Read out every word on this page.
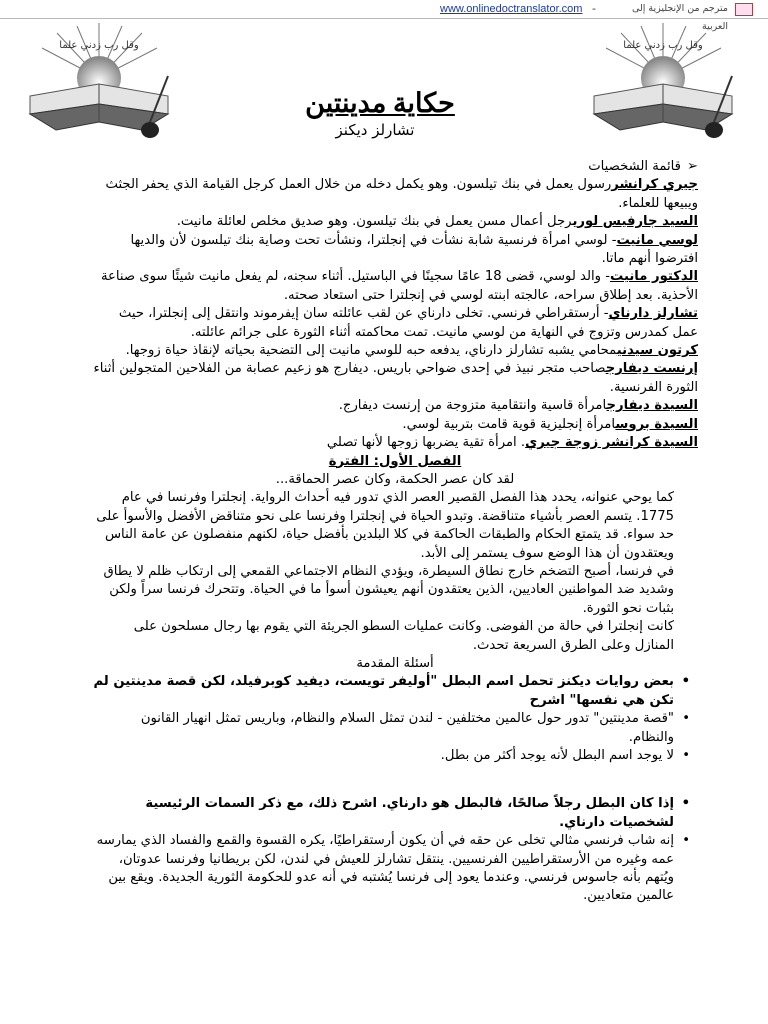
www.onlinedoctranslator.com -	مترجم من الإنجليزية إلى العربية
وقل رب زدني علما	وقل رب زدني علما
حكاية مدينتين
تشارلز ديكنز

➢
قائمة الشخصيات

جيري كرانشررسول يعمل في بنك تيلسون. وهو يكمل دخله من خلال العمل كرجل القيامة الذي يحفر الجثث ويبيعها للعلماء.

السيد جارفيس لوريرجل أعمال مسن يعمل في بنك تيلسون. وهو صديق مخلص لعائلة مانيت.

لوسي مانيت- لوسي امرأة فرنسية شابة نشأت في إنجلترا، ونشأت تحت وصاية بنك تيلسون لأن والديها افترضوا أنهم ماتا.

الدكتور مانيت- والد لوسي، قضى 18 عامًا سجينًا في الباستيل. أثناء سجنه، لم يفعل مانيت شيئًا سوى صناعة الأحذية. بعد إطلاق سراحه، عالجته ابنته لوسي في إنجلترا حتى استعاد صحته.

تشارلز دارناي- أرستقراطي فرنسي. تخلى دارناي عن لقب عائلته سان إيفرموند وانتقل إلى إنجلترا، حيث عمل كمدرس وتزوج في النهاية من لوسي مانيت. تمت محاكمته أثناء الثورة على جرائم عائلته.

كرتون سيدنيمحامي يشبه تشارلز دارناي، يدفعه حبه للوسي مانيت إلى التضحية بحياته لإنقاذ حياة زوجها.

إرنست ديفارجصاحب متجر نبيذ في إحدى ضواحي باريس. ديفارج هو زعيم عصابة من الفلاحين المتجولين أثناء الثورة الفرنسية.

السيدة ديفارجامرأة قاسية وانتقامية متزوجة من إرنست ديفارج.

السيدة بروسامرأة إنجليزية قوية قامت بتربية لوسي.

السيدة كرانشر زوجة جيري. امرأة تقية يضربها زوجها لأنها تصلي

الفصل الأول: الفترة

لقد كان عصر الحكمة، وكان عصر الحماقة...

كما يوحي عنوانه، يحدد هذا الفصل القصير العصر الذي تدور فيه أحداث الرواية. إنجلترا وفرنسا في عام 1775. يتسم العصر بأشياء متناقضة. وتبدو الحياة في إنجلترا وفرنسا على نحو متناقض الأفضل والأسوأ على حد سواء. قد يتمتع الحكام والطبقات الحاكمة في كلا البلدين بأفضل حياة، لكنهم منفصلون عن عامة الناس ويعتقدون أن هذا الوضع سوف يستمر إلى الأبد.

في فرنسا، أصبح التضخم خارج نطاق السيطرة، ويؤدي النظام الاجتماعي القمعي إلى ارتكاب ظلم لا يطاق وشديد ضد المواطنين العاديين، الذين يعتقدون أنهم يعيشون أسوأ ما في الحياة. وتتحرك فرنسا سراً ولكن بثبات نحو الثورة.

كانت إنجلترا في حالة من الفوضى. وكانت عمليات السطو الجريئة التي يقوم بها رجال مسلحون على المنازل وعلى الطرق السريعة تحدث.

أسئلة المقدمة

•
بعض روايات ديكنز تحمل اسم البطل "أوليفر تويست، ديفيد كوبرفيلد، لكن قصة مدينتين لم تكن هي نفسها" اشرح

•
"قصة مدينتين" تدور حول عالمين مختلفين - لندن تمثل السلام والنظام، وباريس تمثل انهيار القانون والنظام.

•
لا يوجد اسم البطل لأنه يوجد أكثر من بطل.

•
إذا كان البطل رجلاً صالحًا، فالبطل هو دارناي. اشرح ذلك، مع ذكر السمات الرئيسية لشخصيات دارناي.

•
إنه شاب فرنسي مثالي تخلى عن حقه في أن يكون أرستقراطيًا، يكره القسوة والقمع والفساد الذي يمارسه عمه وغيره من الأرستقراطيين الفرنسيين. ينتقل تشارلز للعيش في لندن، لكن بريطانيا وفرنسا عدوتان، ويُتهم بأنه جاسوس فرنسي. وعندما يعود إلى فرنسا يُشتبه في أنه عدو للحكومة الثورية الجديدة. ويقع بين عالمين متعاديين.
